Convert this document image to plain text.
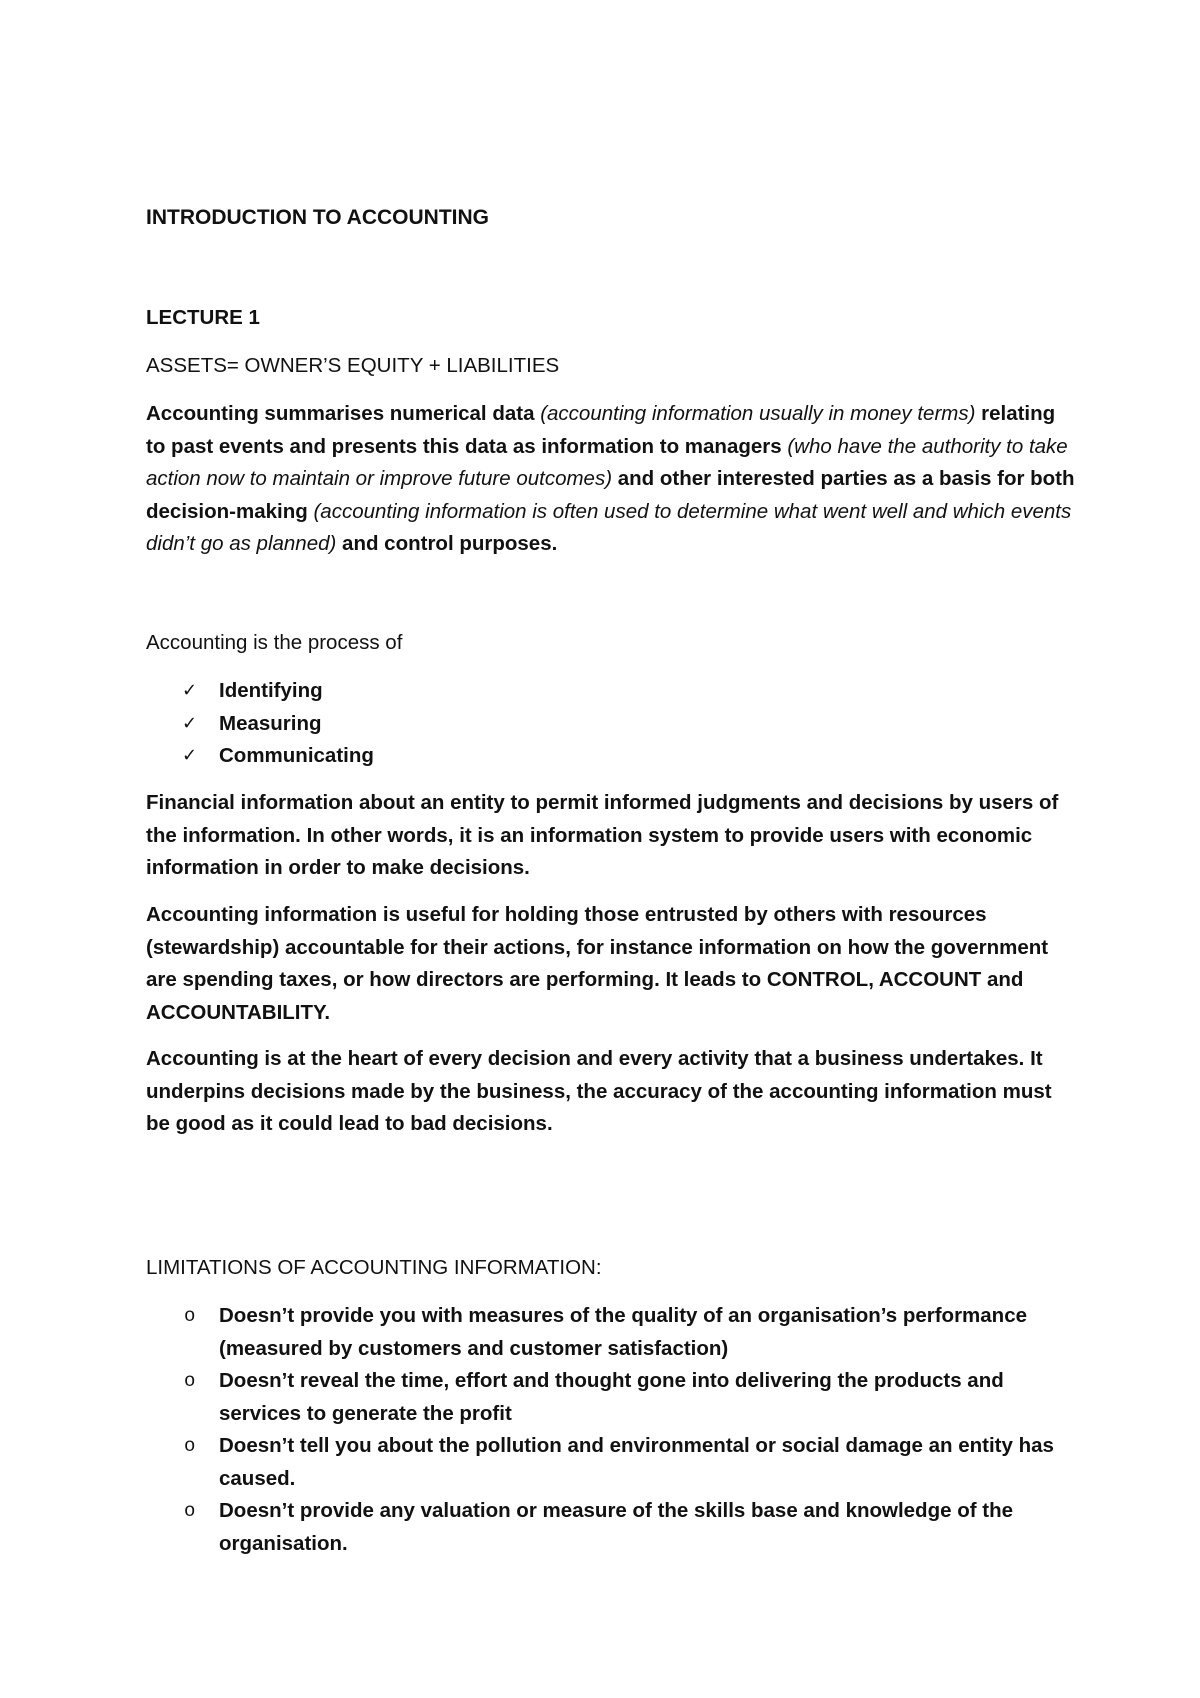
INTRODUCTION TO ACCOUNTING
LECTURE 1
ASSETS= OWNER’S EQUITY + LIABILITIES

Accounting summarises numerical data (accounting information usually in money terms) relating to past events and presents this data as information to managers (who have the authority to take action now to maintain or improve future outcomes) and other interested parties as a basis for both decision-making (accounting information is often used to determine what went well and which events didn’t go as planned) and control purposes.

Accounting is the process of
✓ Identifying
✓ Measuring
✓ Communicating
Financial information about an entity to permit informed judgments and decisions by users of the information. In other words, it is an information system to provide users with economic information in order to make decisions.
Accounting information is useful for holding those entrusted by others with resources (stewardship) accountable for their actions, for instance information on how the government are spending taxes, or how directors are performing. It leads to CONTROL, ACCOUNT and ACCOUNTABILITY.
Accounting is at the heart of every decision and every activity that a business undertakes. It underpins decisions made by the business, the accuracy of the accounting information must be good as it could lead to bad decisions.
LIMITATIONS OF ACCOUNTING INFORMATION:
o Doesn’t provide you with measures of the quality of an organisation’s performance (measured by customers and customer satisfaction)
o Doesn’t reveal the time, effort and thought gone into delivering the products and services to generate the profit
o Doesn’t tell you about the pollution and environmental or social damage an entity has caused.
o Doesn’t provide any valuation or measure of the skills base and knowledge of the organisation.
